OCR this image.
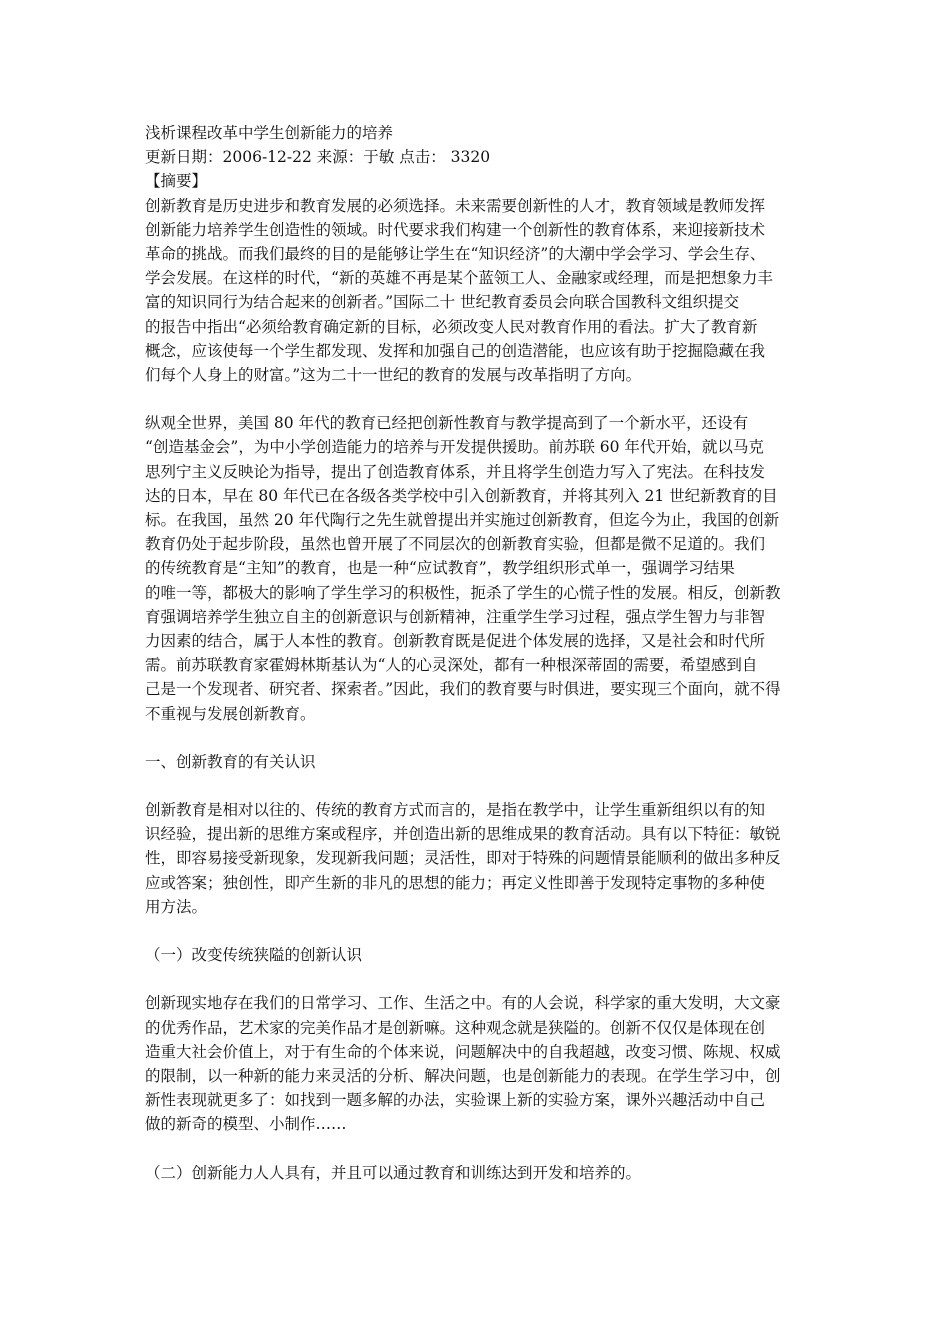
浅析课程改革中学生创新能力的培养
更新日期：2006-12-22 来源：于敏 点击： 3320
【摘要】
创新教育是历史进步和教育发展的必须选择。未来需要创新性的人才，教育领域是教师发挥
创新能力培养学生创造性的领域。时代要求我们构建一个创新性的教育体系，来迎接新技术
革命的挑战。而我们最终的目的是能够让学生在“知识经济”的大潮中学会学习、学会生存、
学会发展。在这样的时代，“新的英雄不再是某个蓝领工人、金融家或经理，而是把想象力丰
富的知识同行为结合起来的创新者。”国际二十 世纪教育委员会向联合国教科文组织提交
的报告中指出“必须给教育确定新的目标，必须改变人民对教育作用的看法。扩大了教育新
概念，应该使每一个学生都发现、发挥和加强自己的创造潜能，也应该有助于挖掘隐藏在我
们每个人身上的财富。”这为二十一世纪的教育的发展与改革指明了方向。
纵观全世界，美国 80 年代的教育已经把创新性教育与教学提高到了一个新水平，还设有
“创造基金会”，为中小学创造能力的培养与开发提供援助。前苏联 60 年代开始，就以马克
思列宁主义反映论为指导，提出了创造教育体系，并且将学生创造力写入了宪法。在科技发
达的日本，早在 80 年代已在各级各类学校中引入创新教育，并将其列入 21 世纪新教育的目
标。在我国，虽然 20 年代陶行之先生就曾提出并实施过创新教育，但迄今为止，我国的创新
教育仍处于起步阶段，虽然也曾开展了不同层次的创新教育实验，但都是微不足道的。我们
的传统教育是“主知”的教育，也是一种“应试教育”，教学组织形式单一，强调学习结果
的唯一等，都极大的影响了学生学习的积极性，扼杀了学生的心慌子性的发展。相反，创新教
育强调培养学生独立自主的创新意识与创新精神，注重学生学习过程，强点学生智力与非智
力因素的结合，属于人本性的教育。创新教育既是促进个体发展的选择，又是社会和时代所
需。前苏联教育家霍姆林斯基认为“人的心灵深处，都有一种根深蒂固的需要，希望感到自
己是一个发现者、研究者、探索者。”因此，我们的教育要与时俱进，要实现三个面向，就不得
不重视与发展创新教育。
一、创新教育的有关认识
创新教育是相对以往的、传统的教育方式而言的，是指在教学中，让学生重新组织以有的知
识经验，提出新的思维方案或程序，并创造出新的思维成果的教育活动。具有以下特征：敏锐
性，即容易接受新现象，发现新我问题；灵活性，即对于特殊的问题情景能顺利的做出多种反
应或答案；独创性，即产生新的非凡的思想的能力；再定义性即善于发现特定事物的多种使
用方法。
（一）改变传统狭隘的创新认识
创新现实地存在我们的日常学习、工作、生活之中。有的人会说，科学家的重大发明，大文豪
的优秀作品，艺术家的完美作品才是创新嘛。这种观念就是狭隘的。创新不仅仅是体现在创
造重大社会价值上，对于有生命的个体来说，问题解决中的自我超越，改变习惯、陈规、权威
的限制，以一种新的能力来灵活的分析、解决问题，也是创新能力的表现。在学生学习中，创
新性表现就更多了：如找到一题多解的办法，实验课上新的实验方案，课外兴趣活动中自己
做的新奇的模型、小制作……
（二）创新能力人人具有，并且可以通过教育和训练达到开发和培养的。
